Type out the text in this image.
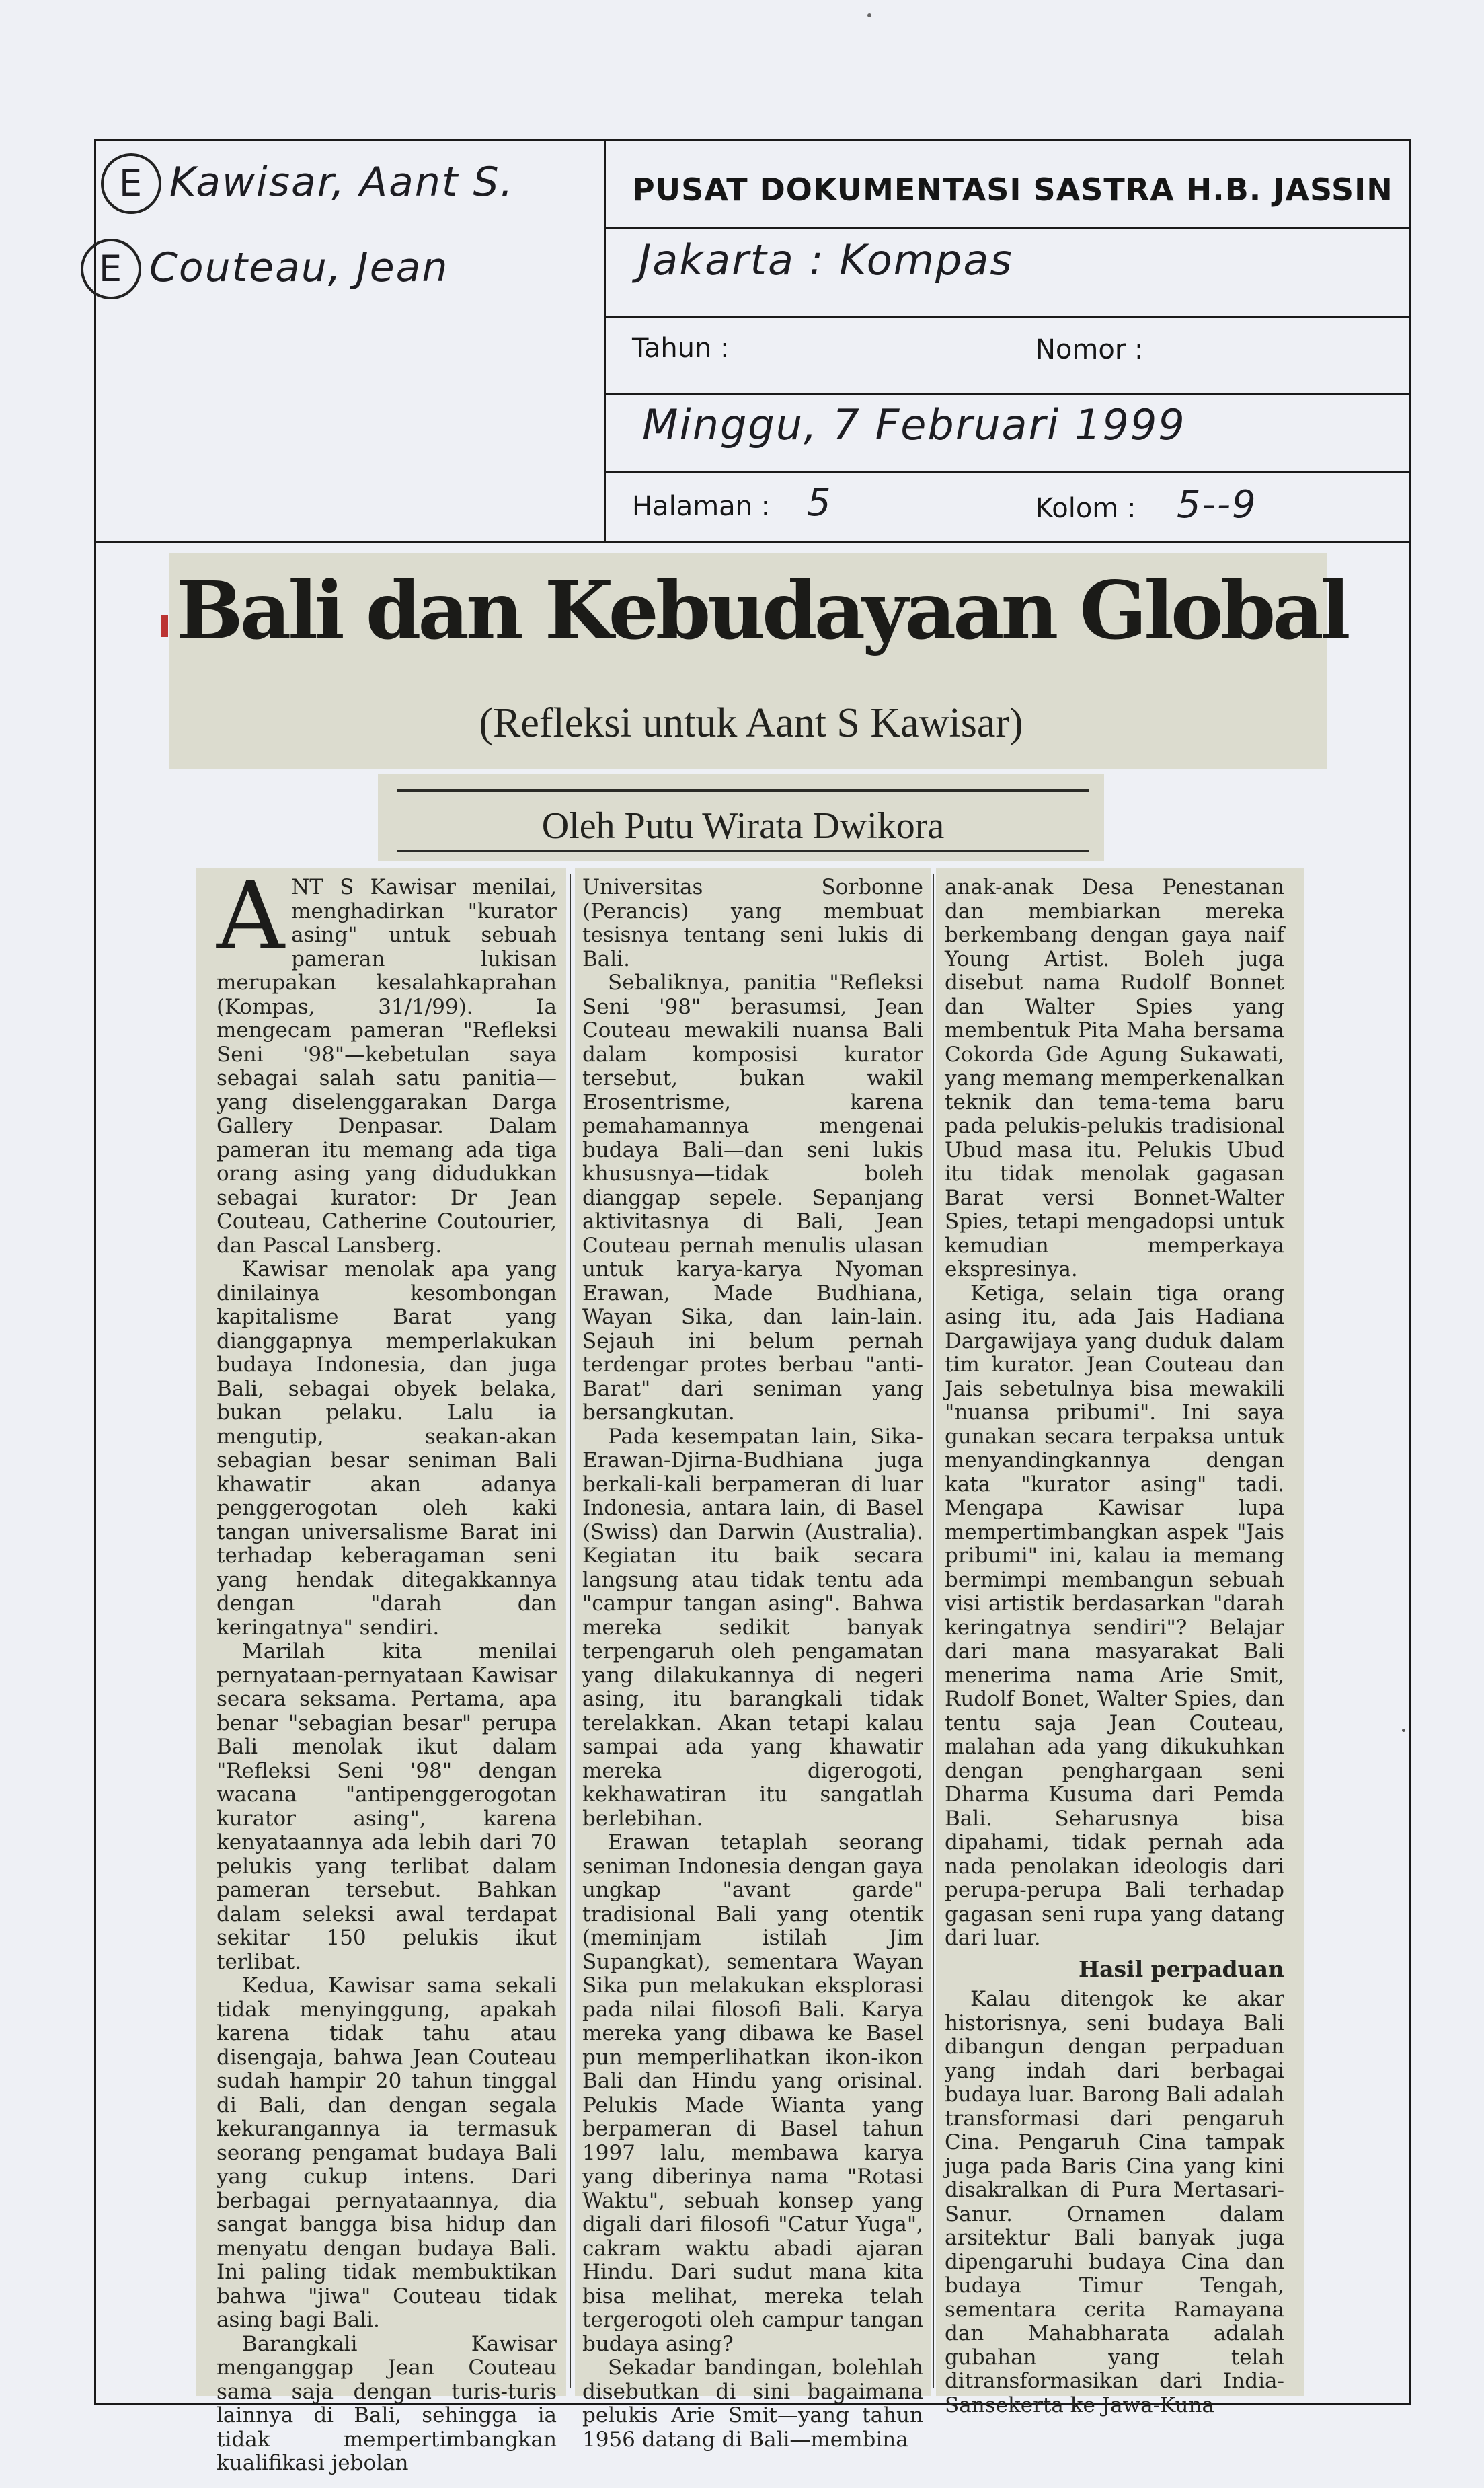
E Kawisar, Aant S.
E Couteau, Jean
PUSAT DOKUMENTASI SASTRA H.B. JASSIN
Jakarta : Kompas
Tahun :	Nomor :
Minggu, 7 Februari 1999
Halaman : 5	Kolom : 5--9
Bali dan Kebudayaan Global
(Refleksi untuk Aant S Kawisar)
Oleh Putu Wirata Dwikora

ANT S Kawisar menilai, menghadirkan "kurator asing" untuk sebuah pameran lukisan merupakan kesalahkaprahan (Kompas, 31/1/99). Ia mengecam pameran "Refleksi Seni '98"—kebetulan saya sebagai salah satu panitia—yang diselenggarakan Darga Gallery Denpasar. Dalam pameran itu memang ada tiga orang asing yang didudukkan sebagai kurator: Dr Jean Couteau, Catherine Coutourier, dan Pascal Lansberg.

Kawisar menolak apa yang dinilainya kesombongan kapitalisme Barat yang dianggapnya memperlakukan budaya Indonesia, dan juga Bali, sebagai obyek belaka, bukan pelaku. Lalu ia mengutip, seakan-akan sebagian besar seniman Bali khawatir akan adanya penggerogotan oleh kaki tangan universalisme Barat ini terhadap keberagaman seni yang hendak ditegakkannya dengan "darah dan keringatnya" sendiri.

Marilah kita menilai pernyataan-pernyataan Kawisar secara seksama. Pertama, apa benar "sebagian besar" perupa Bali menolak ikut dalam "Refleksi Seni '98" dengan wacana "antipenggerogotan kurator asing", karena kenyataannya ada lebih dari 70 pelukis yang terlibat dalam pameran tersebut. Bahkan dalam seleksi awal terdapat sekitar 150 pelukis ikut terlibat.

Kedua, Kawisar sama sekali tidak menyinggung, apakah karena tidak tahu atau disengaja, bahwa Jean Couteau sudah hampir 20 tahun tinggal di Bali, dan dengan segala kekurangannya ia termasuk seorang pengamat budaya Bali yang cukup intens. Dari berbagai pernyataannya, dia sangat bangga bisa hidup dan menyatu dengan budaya Bali. Ini paling tidak membuktikan bahwa "jiwa" Couteau tidak asing bagi Bali.

Barangkali Kawisar menganggap Jean Couteau sama saja dengan turis-turis lainnya di Bali, sehingga ia tidak mempertimbangkan kualifikasi jebolan

Universitas Sorbonne (Perancis) yang membuat tesisnya tentang seni lukis di Bali.

Sebaliknya, panitia "Refleksi Seni '98" berasumsi, Jean Couteau mewakili nuansa Bali dalam komposisi kurator tersebut, bukan wakil Erosentrisme, karena pemahamannya mengenai budaya Bali—dan seni lukis khususnya—tidak boleh dianggap sepele. Sepanjang aktivitasnya di Bali, Jean Couteau pernah menulis ulasan untuk karya-karya Nyoman Erawan, Made Budhiana, Wayan Sika, dan lain-lain. Sejauh ini belum pernah terdengar protes berbau "anti-Barat" dari seniman yang bersangkutan.

Pada kesempatan lain, Sika-Erawan-Djirna-Budhiana juga berkali-kali berpameran di luar Indonesia, antara lain, di Basel (Swiss) dan Darwin (Australia). Kegiatan itu baik secara langsung atau tidak tentu ada "campur tangan asing". Bahwa mereka sedikit banyak terpengaruh oleh pengamatan yang dilakukannya di negeri asing, itu barangkali tidak terelakkan. Akan tetapi kalau sampai ada yang khawatir mereka digerogoti, kekhawatiran itu sangatlah berlebihan.

Erawan tetaplah seorang seniman Indonesia dengan gaya ungkap "avant garde" tradisional Bali yang otentik (meminjam istilah Jim Supangkat), sementara Wayan Sika pun melakukan eksplorasi pada nilai filosofi Bali. Karya mereka yang dibawa ke Basel pun memperlihatkan ikon-ikon Bali dan Hindu yang orisinal. Pelukis Made Wianta yang berpameran di Basel tahun 1997 lalu, membawa karya yang diberinya nama "Rotasi Waktu", sebuah konsep yang digali dari filosofi "Catur Yuga", cakram waktu abadi ajaran Hindu. Dari sudut mana kita bisa melihat, mereka telah tergerogoti oleh campur tangan budaya asing?

Sekadar bandingan, bolehlah disebutkan di sini bagaimana pelukis Arie Smit—yang tahun 1956 datang di Bali—membina

anak-anak Desa Penestanan dan membiarkan mereka berkembang dengan gaya naif Young Artist. Boleh juga disebut nama Rudolf Bonnet dan Walter Spies yang membentuk Pita Maha bersama Cokorda Gde Agung Sukawati, yang memang memperkenalkan teknik dan tema-tema baru pada pelukis-pelukis tradisional Ubud masa itu. Pelukis Ubud itu tidak menolak gagasan Barat versi Bonnet-Walter Spies, tetapi mengadopsi untuk kemudian memperkaya ekspresinya.

Ketiga, selain tiga orang asing itu, ada Jais Hadiana Dargawijaya yang duduk dalam tim kurator. Jean Couteau dan Jais sebetulnya bisa mewakili "nuansa pribumi". Ini saya gunakan secara terpaksa untuk menyandingkannya dengan kata "kurator asing" tadi. Mengapa Kawisar lupa mempertimbangkan aspek "Jais pribumi" ini, kalau ia memang bermimpi membangun sebuah visi artistik berdasarkan "darah keringatnya sendiri"? Belajar dari mana masyarakat Bali menerima nama Arie Smit, Rudolf Bonet, Walter Spies, dan tentu saja Jean Couteau, malahan ada yang dikukuhkan dengan penghargaan seni Dharma Kusuma dari Pemda Bali. Seharusnya bisa dipahami, tidak pernah ada nada penolakan ideologis dari perupa-perupa Bali terhadap gagasan seni rupa yang datang dari luar.

Hasil perpaduan

Kalau ditengok ke akar historisnya, seni budaya Bali dibangun dengan perpaduan yang indah dari berbagai budaya luar. Barong Bali adalah transformasi dari pengaruh Cina. Pengaruh Cina tampak juga pada Baris Cina yang kini disakralkan di Pura Mertasari-Sanur. Ornamen dalam arsitektur Bali banyak juga dipengaruhi budaya Cina dan budaya Timur Tengah, sementara cerita Ramayana dan Mahabharata adalah gubahan yang telah ditransformasikan dari India-Sansekerta ke Jawa-Kuna
